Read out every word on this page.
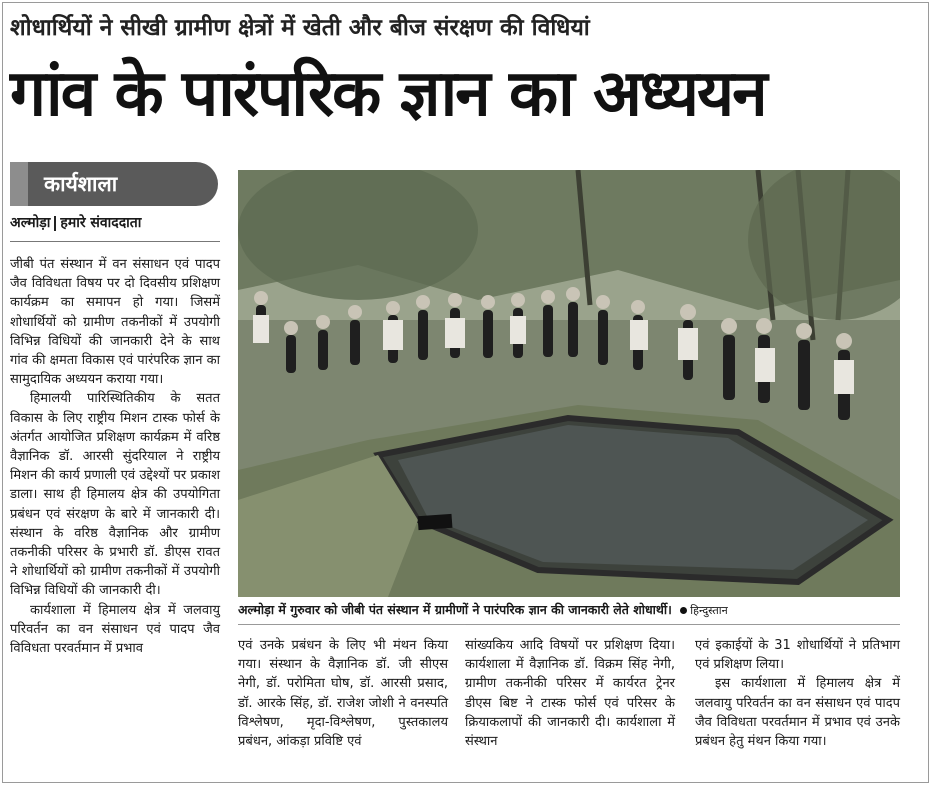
शोधार्थियों ने सीखी ग्रामीण क्षेत्रों में खेती और बीज संरक्षण की विधियां
गांव के पारंपरिक ज्ञान का अध्ययन
कार्यशाला
अल्मोड़ा हमारे संवाददाता

जीबी पंत संस्थान में वन संसाधन एवं पादप जैव विविधता विषय पर दो दिवसीय प्रशिक्षण कार्यक्रम का समापन हो गया। जिसमें शोधार्थियों को ग्रामीण तकनीकों में उपयोगी विभिन्न विधियों की जानकारी देने के साथ गांव की क्षमता विकास एवं पारंपरिक ज्ञान का सामुदायिक अध्ययन कराया गया।

हिमालयी पारिस्थितिकीय के सतत विकास के लिए राष्ट्रीय मिशन टास्क फोर्स के अंतर्गत आयोजित प्रशिक्षण कार्यक्रम में वरिष्ठ वैज्ञानिक डॉ. आरसी सुंदरियाल ने राष्ट्रीय मिशन की कार्य प्रणाली एवं उद्देश्यों पर प्रकाश डाला। साथ ही हिमालय क्षेत्र की उपयोगिता प्रबंधन एवं संरक्षण के बारे में जानकारी दी। संस्थान के वरिष्ठ वैज्ञानिक और ग्रामीण तकनीकी परिसर के प्रभारी डॉ. डीएस रावत ने शोधार्थियों को ग्रामीण तकनीकों में उपयोगी विभिन्न विधियों की जानकारी दी।

कार्यशाला में हिमालय क्षेत्र में जलवायु परिवर्तन का वन संसाधन एवं पादप जैव विविधता परवर्तमान में प्रभाव

अल्मोड़ा में गुरुवार को जीबी पंत संस्थान में ग्रामीणों ने पारंपरिक ज्ञान की जानकारी लेते शोधार्थी। हिन्दुस्तान

एवं उनके प्रबंधन के लिए भी मंथन किया गया। संस्थान के वैज्ञानिक डॉ. जी सीएस नेगी, डॉ. परोमिता घोष, डॉ. आरसी प्रसाद, डॉ. आरके सिंह, डॉ. राजेश जोशी ने वनस्पति विश्लेषण, मृदा-विश्लेषण, पुस्तकालय प्रबंधन, आंकड़ा प्रविष्टि एवं

सांख्यकिय आदि विषयों पर प्रशिक्षण दिया। कार्यशाला में वैज्ञानिक डॉ. विक्रम सिंह नेगी, ग्रामीण तकनीकी परिसर में कार्यरत ट्रेनर डीएस बिष्ट ने टास्क फोर्स एवं परिसर के क्रियाकलापों की जानकारी दी। कार्यशाला में संस्थान

एवं इकाईयों के 31 शोधार्थियों ने प्रतिभाग एवं प्रशिक्षण लिया।

इस कार्यशाला में हिमालय क्षेत्र में जलवायु परिवर्तन का वन संसाधन एवं पादप जैव विविधता परवर्तमान में प्रभाव एवं उनके प्रबंधन हेतु मंथन किया गया।
